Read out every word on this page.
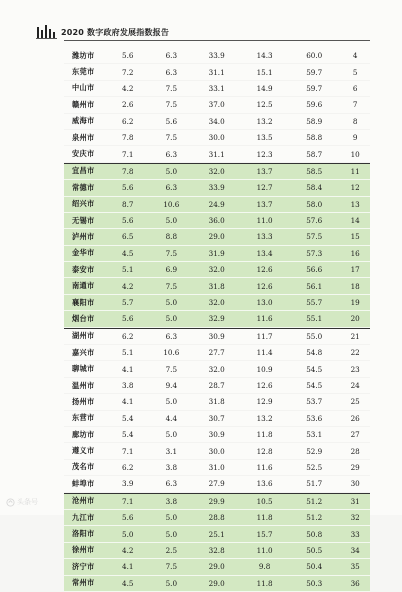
2020 数字政府发展指数报告
潍坊市	5.6	6.3	33.9	14.3	60.0	4
东莞市	7.2	6.3	31.1	15.1	59.7	5
中山市	4.2	7.5	33.1	14.9	59.7	6
赣州市	2.6	7.5	37.0	12.5	59.6	7
威海市	6.2	5.6	34.0	13.2	58.9	8
泉州市	7.8	7.5	30.0	13.5	58.8	9
安庆市	7.1	6.3	31.1	12.3	58.7	10
宜昌市	7.8	5.0	32.0	13.7	58.5	11
常德市	5.6	6.3	33.9	12.7	58.4	12
绍兴市	8.7	10.6	24.9	13.7	58.0	13
无锡市	5.6	5.0	36.0	11.0	57.6	14
泸州市	6.5	8.8	29.0	13.3	57.5	15
金华市	4.5	7.5	31.9	13.4	57.3	16
泰安市	5.1	6.9	32.0	12.6	56.6	17
南通市	4.2	7.5	31.8	12.6	56.1	18
襄阳市	5.7	5.0	32.0	13.0	55.7	19
烟台市	5.6	5.0	32.9	11.6	55.1	20
湖州市	6.2	6.3	30.9	11.7	55.0	21
嘉兴市	5.1	10.6	27.7	11.4	54.8	22
聊城市	4.1	7.5	32.0	10.9	54.5	23
温州市	3.8	9.4	28.7	12.6	54.5	24
扬州市	4.1	5.0	31.8	12.9	53.7	25
东营市	5.4	4.4	30.7	13.2	53.6	26
廊坊市	5.4	5.0	30.9	11.8	53.1	27
遵义市	7.1	3.1	30.0	12.8	52.9	28
茂名市	6.2	3.8	31.0	11.6	52.5	29
蚌埠市	3.9	6.3	27.9	13.6	51.7	30
沧州市	7.1	3.8	29.9	10.5	51.2	31
九江市	5.6	5.0	28.8	11.8	51.2	32
洛阳市	5.0	5.0	25.1	15.7	50.8	33
徐州市	4.2	2.5	32.8	11.0	50.5	34
济宁市	4.1	7.5	29.0	9.8	50.4	35
常州市	4.5	5.0	29.0	11.8	50.3	36
头条号
